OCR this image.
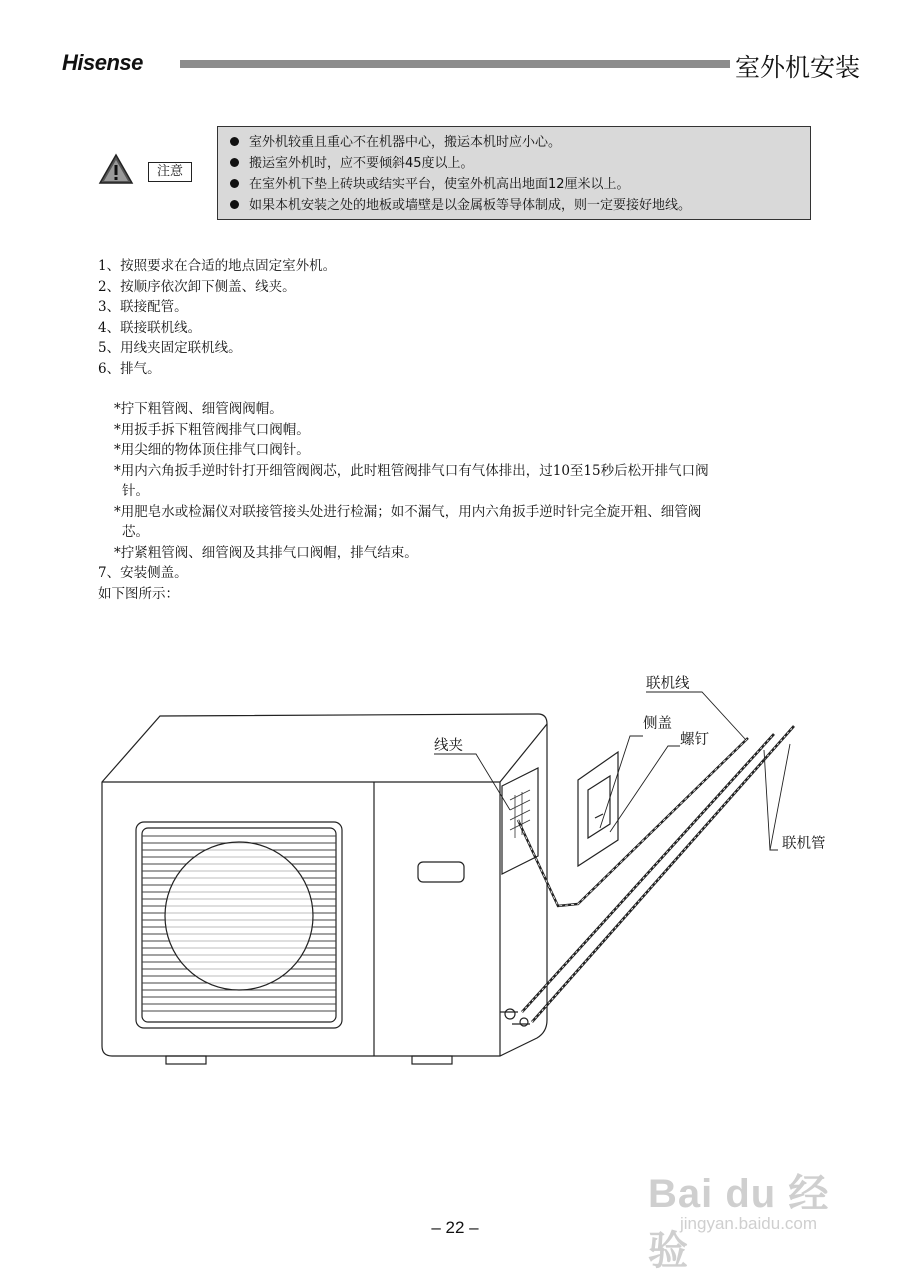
Hisense	室外机安装
注意
室外机较重且重心不在机器中心，搬运本机时应小心。
搬运室外机时，应不要倾斜45度以上。
在室外机下垫上砖块或结实平台，使室外机高出地面12厘米以上。
如果本机安装之处的地板或墙壁是以金属板等导体制成，则一定要接好地线。

1、按照要求在合适的地点固定室外机。

2、按顺序依次卸下侧盖、线夹。

3、联接配管。

4、联接联机线。

5、用线夹固定联机线。

6、排气。

*拧下粗管阀、细管阀阀帽。

*用扳手拆下粗管阀排气口阀帽。

*用尖细的物体顶住排气口阀针。

*用内六角扳手逆时针打开细管阀阀芯，此时粗管阀排气口有气体排出，过10至15秒后松开排气口阀
针。

*用肥皂水或检漏仪对联接管接头处进行检漏；如不漏气，用内六角扳手逆时针完全旋开粗、细管阀
芯。

*拧紧粗管阀、细管阀及其排气口阀帽，排气结束。

7、安装侧盖。

如下图所示：

联机线
侧盖
螺钉
线夹
联机管
– 22 –
Bai du 经验
jingyan.baidu.com
